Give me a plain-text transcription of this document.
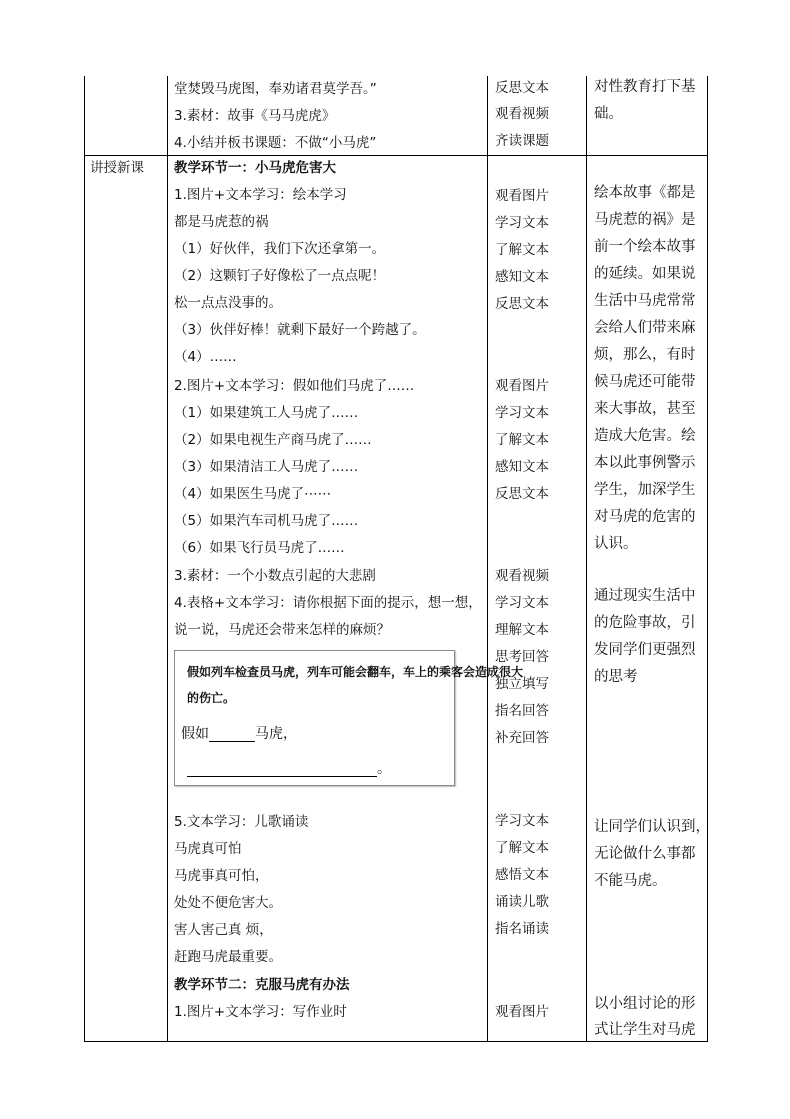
堂焚毁马虎图，奉劝诸君莫学吾。”
3.素材：故事《马马虎虎》
4.小结并板书课题：不做“小马虎”
反思文本
观看视频
齐读课题
对性教育打下基
础。
讲授新课 教学环节一：小马虎危害大
1.图片+文本学习：绘本学习
都是马虎惹的祸
（1）好伙伴，我们下次还拿第一。
（2）这颗钉子好像松了一点点呢！
松一点点没事的。
（3）伙伴好棒！就剩下最好一个跨越了。
（4）……
2.图片+文本学习：假如他们马虎了……
（1）如果建筑工人马虎了……
（2）如果电视生产商马虎了……
（3）如果清洁工人马虎了……
（4）如果医生马虎了⋯⋯
（5）如果汽车司机马虎了……
（6）如果飞行员马虎了……
3.素材：一个小数点引起的大悲剧
4.表格+文本学习：请你根据下面的提示，想一想，
说一说，马虎还会带来怎样的麻烦？
假如列车检查员马虎，列车可能会翻车，车上的乘客会造成很大
的伤亡。
假如	马虎，
。
5.文本学习：儿歌诵读
马虎真可怕
马虎事真可怕，
处处不便危害大。
害人害己真 烦，
赶跑马虎最重要。
教学环节二：克服马虎有办法
1.图片+文本学习：写作业时
观看图片
学习文本
了解文本
感知文本
反思文本
观看图片
学习文本
了解文本
感知文本
反思文本
观看视频
学习文本
理解文本
思考回答
独立填写
指名回答
补充回答
学习文本
了解文本
感悟文本
诵读儿歌
指名诵读
观看图片
绘本故事《都是
马虎惹的祸》是
前一个绘本故事
的延续。如果说
生活中马虎常常
会给人们带来麻
烦，那么，有时
候马虎还可能带
来大事故，甚至
造成大危害。绘
本以此事例警示
学生，加深学生
对马虎的危害的
认识。
通过现实生活中
的危险事故，引
发同学们更强烈
的思考
让同学们认识到，
无论做什么事都
不能马虎。
以小组讨论的形
式让学生对马虎
